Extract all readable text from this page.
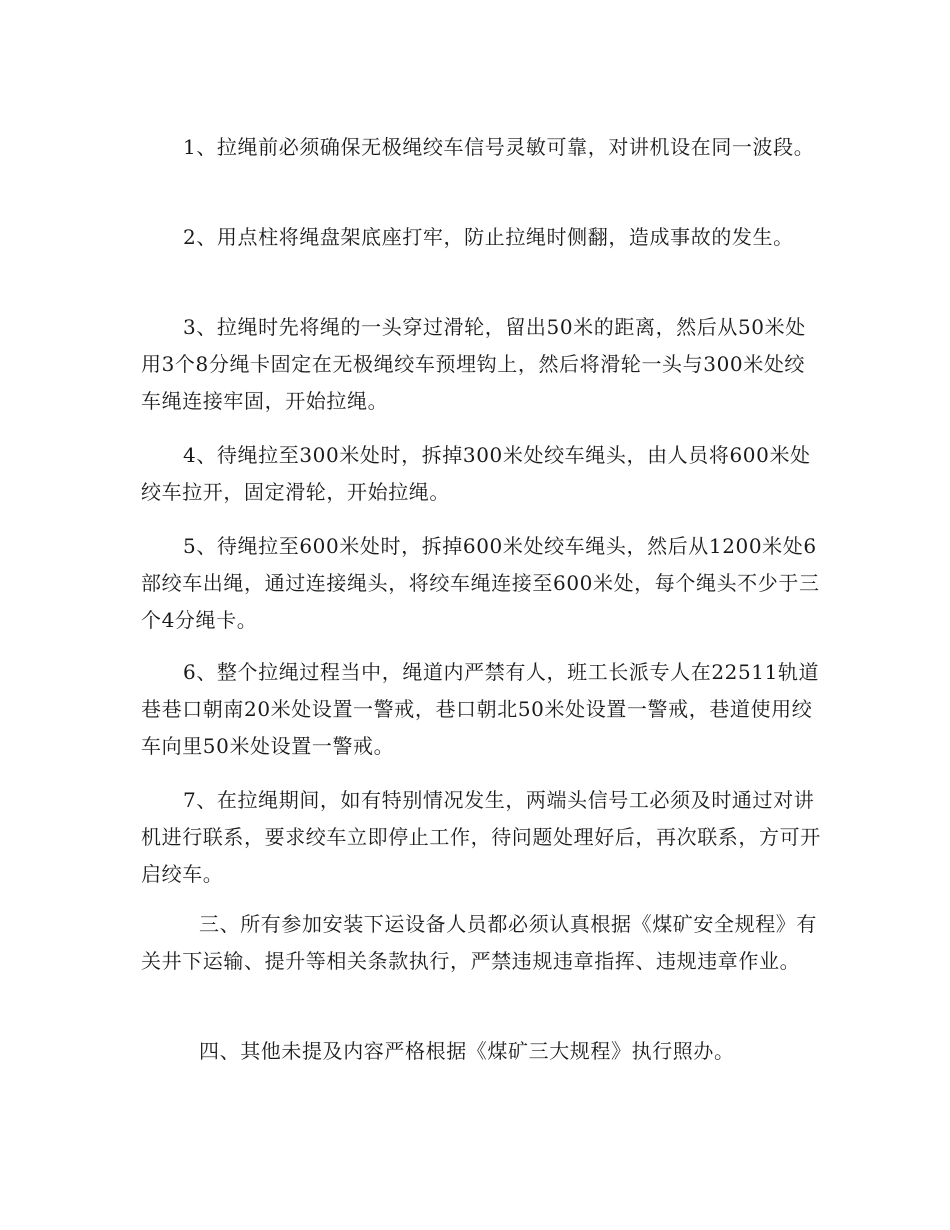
1、拉绳前必须确保无极绳绞车信号灵敏可靠，对讲机设在同一波段。

2、用点柱将绳盘架底座打牢，防止拉绳时侧翻，造成事故的发生。

3、拉绳时先将绳的一头穿过滑轮，留出50米的距离，然后从50米处用3个8分绳卡固定在无极绳绞车预埋钩上，然后将滑轮一头与300米处绞车绳连接牢固，开始拉绳。

4、待绳拉至300米处时，拆掉300米处绞车绳头，由人员将600米处绞车拉开，固定滑轮，开始拉绳。

5、待绳拉至600米处时，拆掉600米处绞车绳头，然后从1200米处6部绞车出绳，通过连接绳头，将绞车绳连接至600米处，每个绳头不少于三个4分绳卡。

6、整个拉绳过程当中，绳道内严禁有人，班工长派专人在22511轨道巷巷口朝南20米处设置一警戒，巷口朝北50米处设置一警戒，巷道使用绞车向里50米处设置一警戒。

7、在拉绳期间，如有特别情况发生，两端头信号工必须及时通过对讲机进行联系，要求绞车立即停止工作，待问题处理好后，再次联系，方可开启绞车。

三、所有参加安装下运设备人员都必须认真根据《煤矿安全规程》有关井下运输、提升等相关条款执行，严禁违规违章指挥、违规违章作业。

四、其他未提及内容严格根据《煤矿三大规程》执行照办。
